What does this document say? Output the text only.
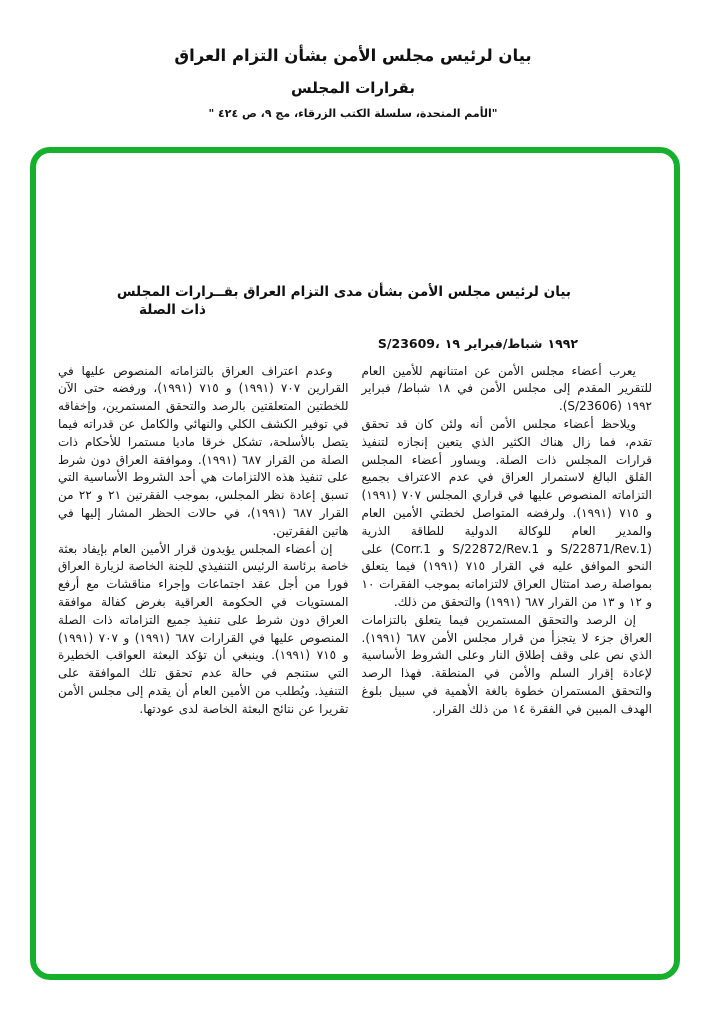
بيان لرئيس مجلس الأمن بشأن التزام العراق
بقرارات المجلس
"الأمم المتحدة، سلسلة الكتب الزرقاء، مج ٩، ص ٤٢٤ "
بيان لرئيس مجلس الأمن بشأن مدى التزام العراق بقــرارات المجلس
ذات الصلة
S/23609، ١٩ شباط/فبراير ١٩٩٢

يعرب أعضاء مجلس الأمن عن امتنانهم للأمين العام للتقرير المقدم إلى مجلس الأمن في ١٨ شباط/ فبراير ١٩٩٢ (S/23606).

ويلاحظ أعضاء مجلس الأمن أنه ولئن كان قد تحقق تقدم، فما زال هناك الكثير الذي يتعين إنجازه لتنفيذ قرارات المجلس ذات الصلة. ويساور أعضاء المجلس القلق البالغ لاستمرار العراق في عدم الاعتراف بجميع التزاماته المنصوص عليها في قراري المجلس ٧٠٧ (١٩٩١) و ٧١٥ (١٩٩١). ولرفضه المتواصل لخطتي الأمين العام والمدير العام للوكالة الدولية للطاقة الذرية (S/22871/Rev.1 و S/22872/Rev.1 و Corr.1) على النحو الموافق عليه في القرار ٧١٥ (١٩٩١) فيما يتعلق بمواصلة رصد امتثال العراق لالتزاماته بموجب الفقرات ١٠ و ١٢ و ١٣ من القرار ٦٨٧ (١٩٩١) والتحقق من ذلك.

إن الرصد والتحقق المستمرين فيما يتعلق بالتزامات العراق جزء لا يتجزأ من قرار مجلس الأمن ٦٨٧ (١٩٩١). الذي نص على وقف إطلاق النار وعلى الشروط الأساسية لإعادة إقرار السلم والأمن في المنطقة. فهذا الرصد والتحقق المستمران خطوة بالغة الأهمية في سبيل بلوغ الهدف المبين في الفقرة ١٤ من ذلك القرار.

وعدم اعتراف العراق بالتزاماته المنصوص عليها في القرارين ٧٠٧ (١٩٩١) و ٧١٥ (١٩٩١)، ورفضه حتى الآن للخطتين المتعلقتين بالرصد والتحقق المستمرين، وإخفاقه في توفير الكشف الكلي والنهائي والكامل عن قدراته فيما يتصل بالأسلحة، تشكل خرقا ماديا مستمرا للأحكام ذات الصلة من القرار ٦٨٧ (١٩٩١). وموافقة العراق دون شرط على تنفيذ هذه الالتزامات هي أحد الشروط الأساسية التي تسبق إعادة نظر المجلس، بموجب الفقرتين ٢١ و ٢٢ من القرار ٦٨٧ (١٩٩١)، في حالات الحظر المشار إليها في هاتين الفقرتين.

إن أعضاء المجلس يؤيدون قرار الأمين العام بإيفاد بعثة خاصة برئاسة الرئيس التنفيذي للجنة الخاصة لزيارة العراق فورا من أجل عقد اجتماعات وإجراء مناقشات مع أرفع المستويات في الحكومة العراقية بغرض كفالة موافقة العراق دون شرط على تنفيذ جميع التزاماته ذات الصلة المنصوص عليها في القرارات ٦٨٧ (١٩٩١) و ٧٠٧ (١٩٩١) و ٧١٥ (١٩٩١). وينبغي أن تؤكد البعثة العواقب الخطيرة التي ستنجم في حالة عدم تحقق تلك الموافقة على التنفيذ. ويُطلب من الأمين العام أن يقدم إلى مجلس الأمن تقريرا عن نتائج البعثة الخاصة لدى عودتها.
